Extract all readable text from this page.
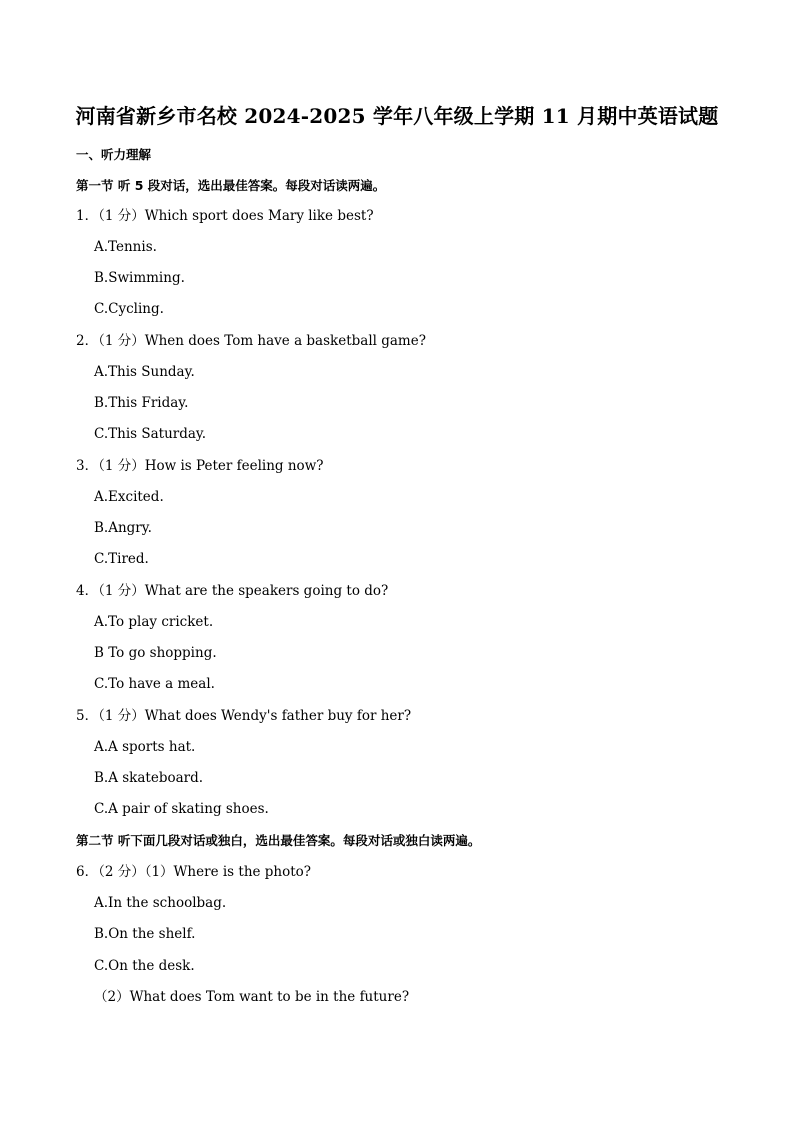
河南省新乡市名校 2024-2025 学年八年级上学期 11 月期中英语试题
一、听力理解
第一节 听 5 段对话，选出最佳答案。每段对话读两遍。
1．（1 分）Which sport does Mary like best?
A.Tennis.
B.Swimming.
C.Cycling.
2．（1 分）When does Tom have a basketball game?
A.This Sunday.
B.This Friday.
C.This Saturday.
3．（1 分）How is Peter feeling now?
A.Excited.
B.Angry.
C.Tired.
4．（1 分）What are the speakers going to do?
A.To play cricket.
B To go shopping.
C.To have a meal.
5．（1 分）What does Wendy's father buy for her?
A.A sports hat.
B.A skateboard.
C.A pair of skating shoes.
第二节 听下面几段对话或独白，选出最佳答案。每段对话或独白读两遍。
6．（2 分）（1）Where is the photo?
A.In the schoolbag.
B.On the shelf.
C.On the desk.
（2）What does Tom want to be in the future?
